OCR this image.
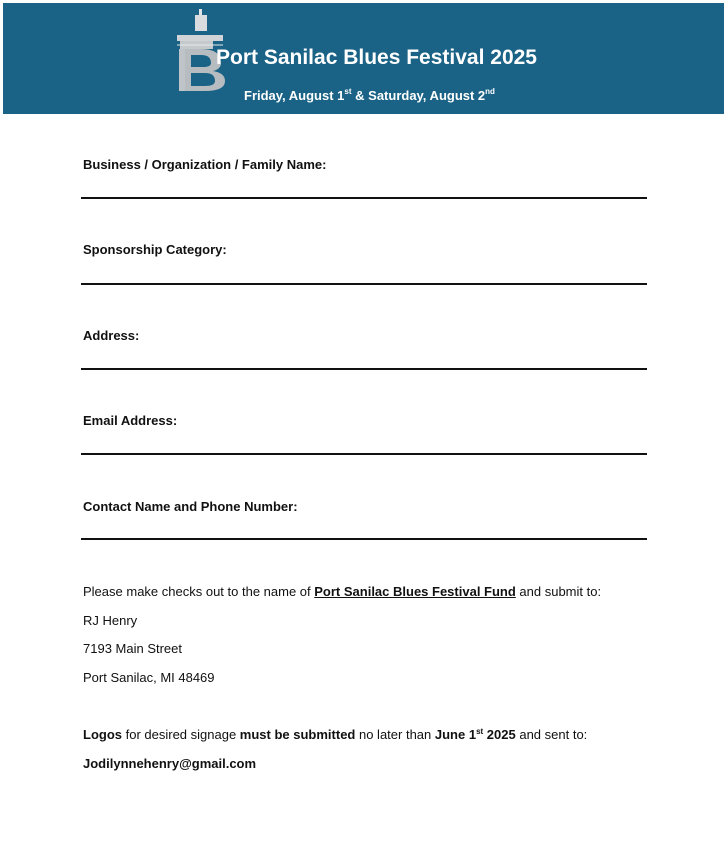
Port Sanilac Blues Festival 2025
Friday, August 1st & Saturday, August 2nd
Business / Organization / Family Name:
Sponsorship Category:
Address:
Email Address:
Contact Name and Phone Number:
Please make checks out to the name of Port Sanilac Blues Festival Fund and submit to:
RJ Henry
7193 Main Street
Port Sanilac, MI 48469
Logos for desired signage must be submitted no later than June 1st 2025 and sent to:
Jodilynnehenry@gmail.com
